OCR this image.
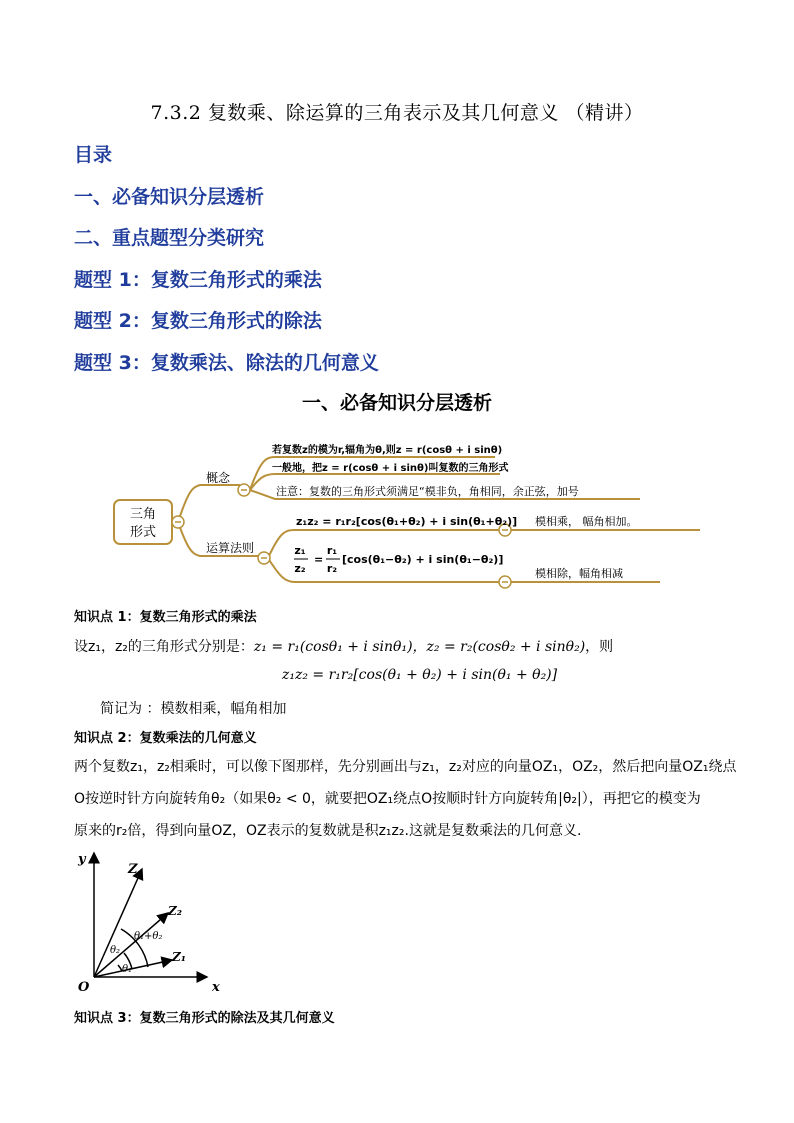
7.3.2 复数乘、除运算的三角表示及其几何意义 （精讲）
目录
一、必备知识分层透析
二、重点题型分类研究
题型 1：复数三角形式的乘法
题型 2：复数三角形式的除法
题型 3：复数乘法、除法的几何意义
一、必备知识分层透析
三角
形式
概念
运算法则
若复数z的模为r,辐角为θ,则z = r(cosθ + i sinθ)
一般地，把z = r(cosθ + i sinθ)叫复数的三角形式
注意：复数的三角形式须满足“模非负，角相同，余正弦，加号
z₁z₂ = r₁r₂[cos(θ₁+θ₂) + i sin(θ₁+θ₂)] 模相乘， 幅角相加。
z₁
z₂
=
r₁
r₂
[cos(θ₁−θ₂) + i sin(θ₁−θ₂)]
模相除，幅角相减
知识点 1：复数三角形式的乘法
设z₁，z₂的三角形式分别是：z₁ = r₁(cosθ₁ + i sinθ₁)，z₂ = r₂(cosθ₂ + i sinθ₂)，则
z₁z₂ = r₁r₂[cos(θ₁ + θ₂) + i sin(θ₁ + θ₂)]
简记为 ：模数相乘，幅角相加
知识点 2：复数乘法的几何意义
两个复数z₁，z₂相乘时，可以像下图那样，先分别画出与z₁，z₂对应的向量OZ₁，OZ₂，然后把向量OZ₁绕点
O按逆时针方向旋转角θ₂（如果θ₂ < 0，就要把OZ₁绕点O按顺时针方向旋转角|θ₂|），再把它的模变为
原来的r₂倍，得到向量OZ，OZ表示的复数就是积z₁z₂.这就是复数乘法的几何意义.
y
x
O
Z
Z₂
Z₁
θ₁+θ₂
θ₂
θ₁
知识点 3：复数三角形式的除法及其几何意义
